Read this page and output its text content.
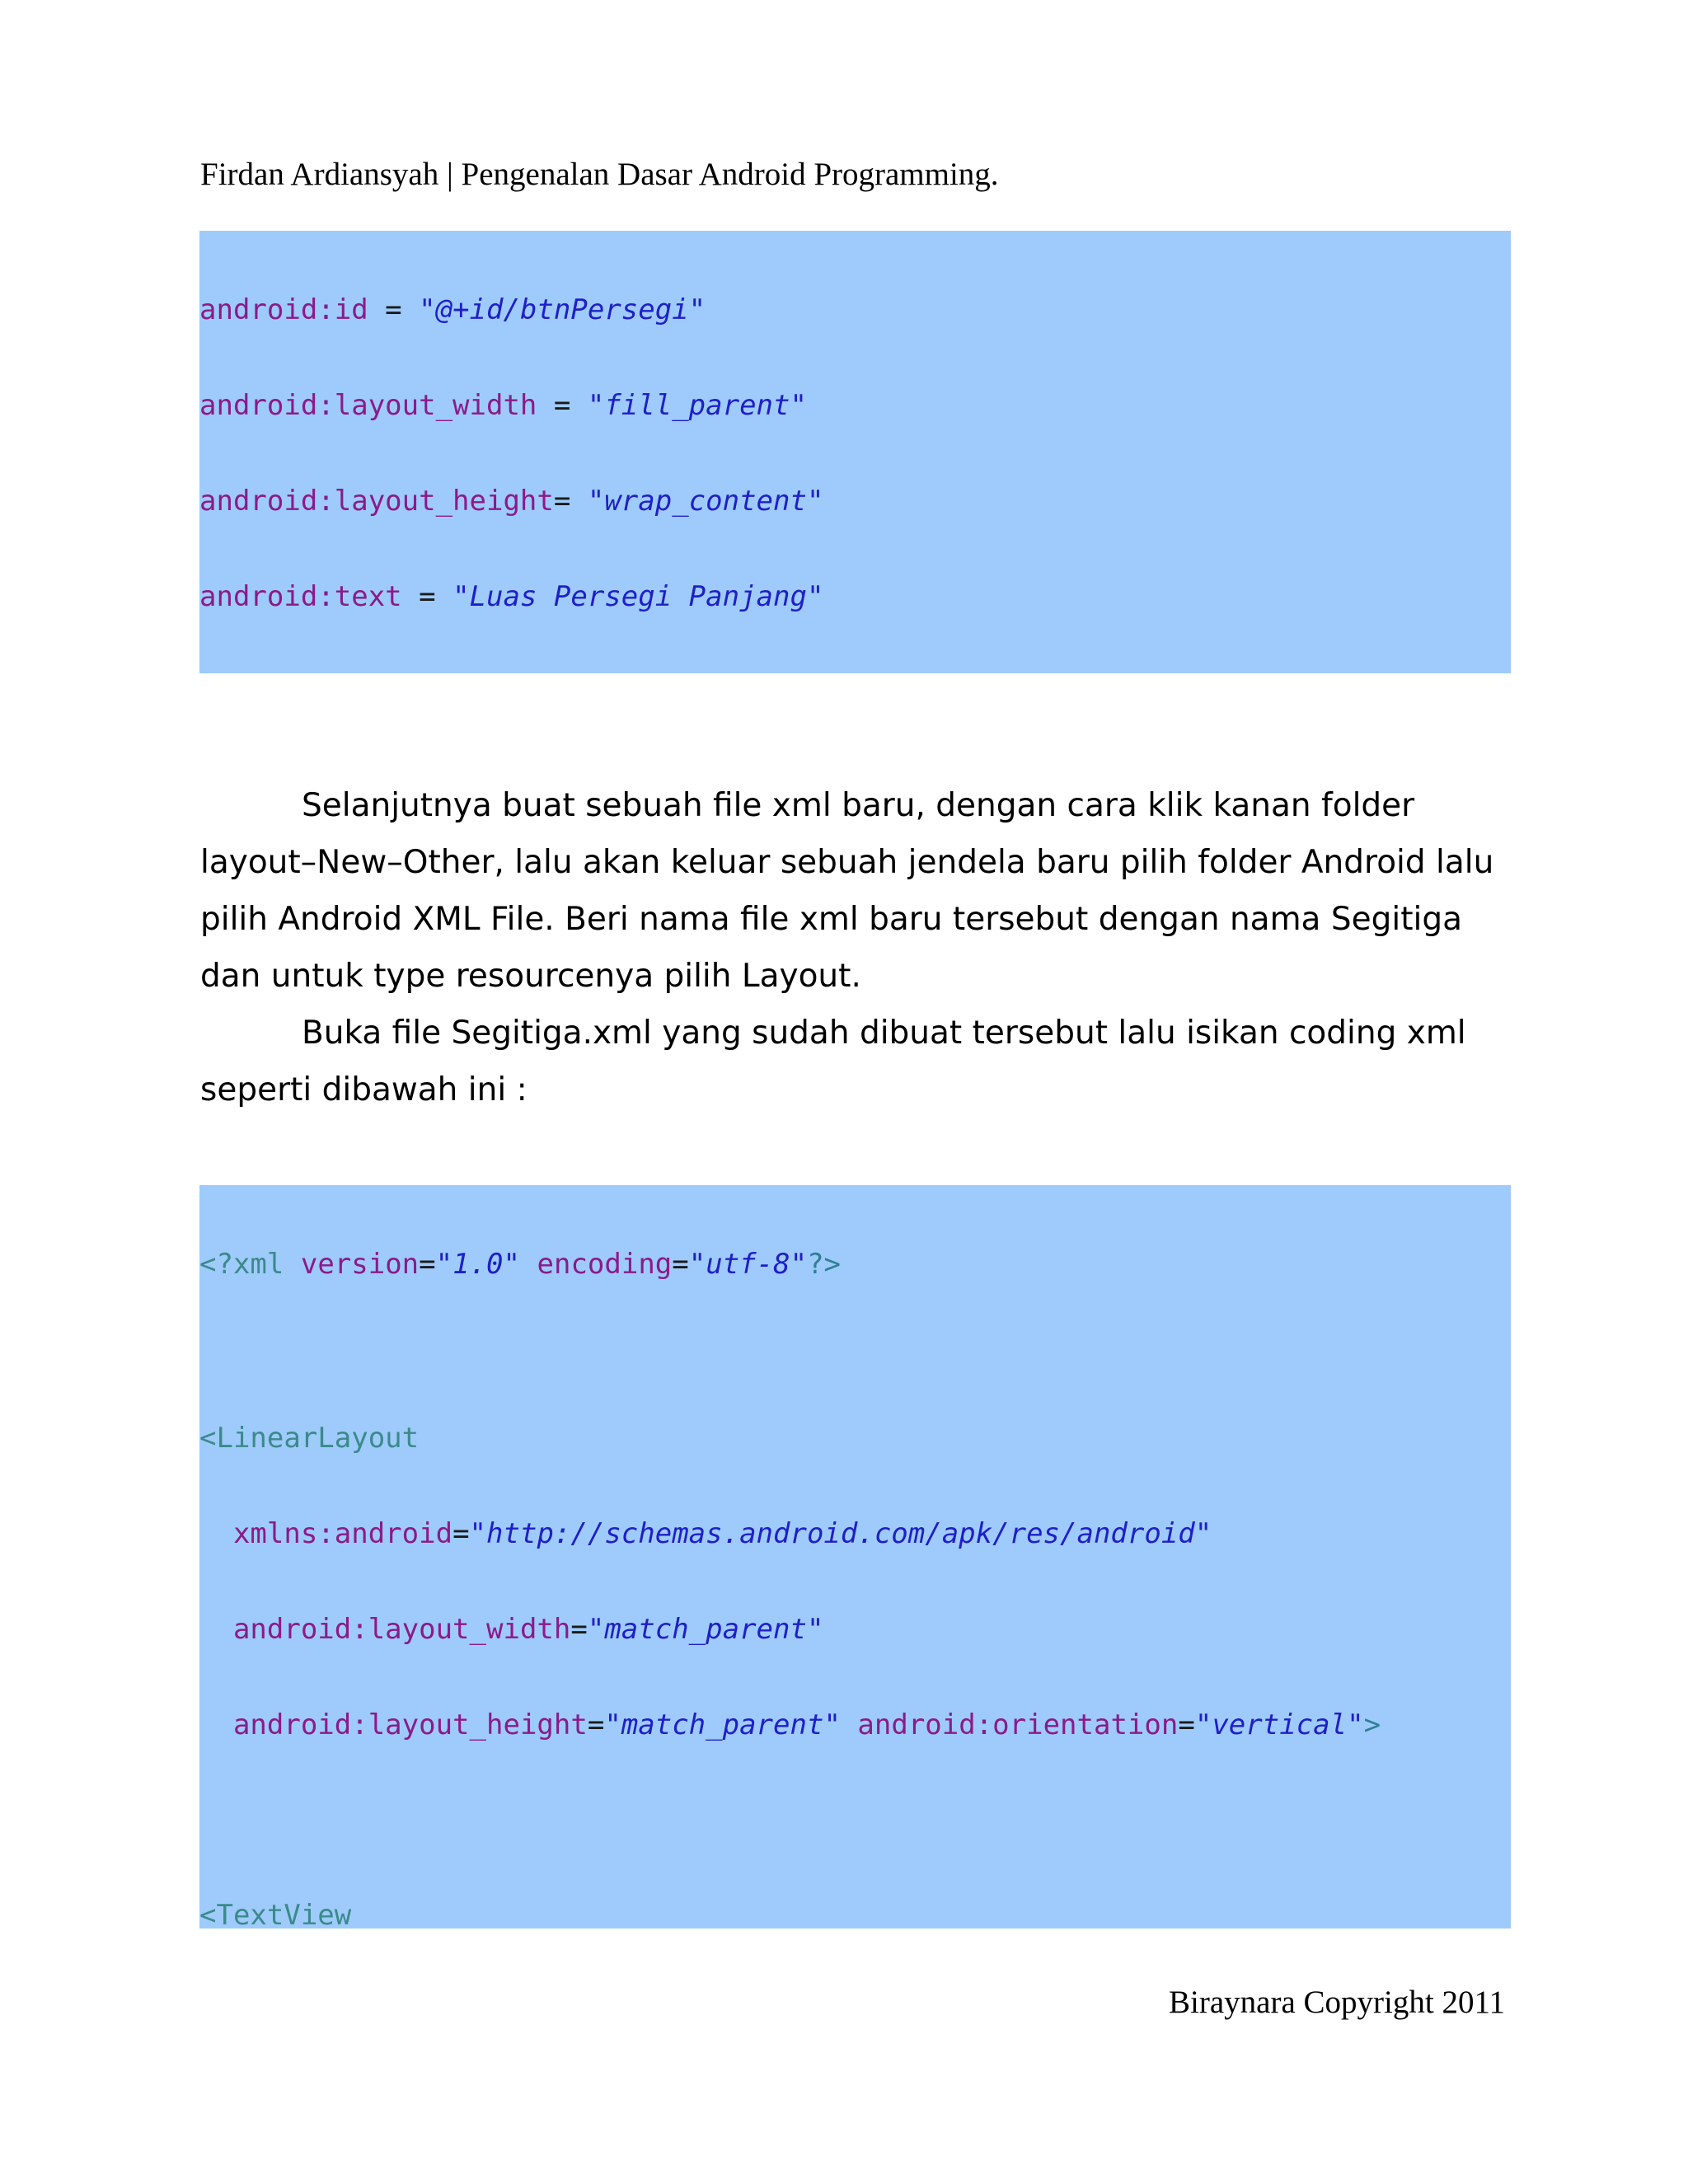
Firdan Ardiansyah | Pengenalan Dasar Android Programming.

android:id = "@+id/btnPersegi"

android:layout_width = "fill_parent"

android:layout_height= "wrap_content"

android:text = "Luas Persegi Panjang"

Selanjutnya buat sebuah file xml baru, dengan cara klik kanan folder layout–New–Other, lalu akan keluar sebuah jendela baru pilih folder Android lalu pilih Android XML File. Beri nama file xml baru tersebut dengan nama Segitiga dan untuk type resourcenya pilih Layout.

Buka file Segitiga.xml yang sudah dibuat tersebut lalu isikan coding xml seperti dibawah ini :

<?xml version="1.0" encoding="utf-8"?>

<LinearLayout

xmlns:android="http://schemas.android.com/apk/res/android"

android:layout_width="match_parent"

android:layout_height="match_parent" android:orientation="vertical">

<TextView

Biraynara Copyright 2011
